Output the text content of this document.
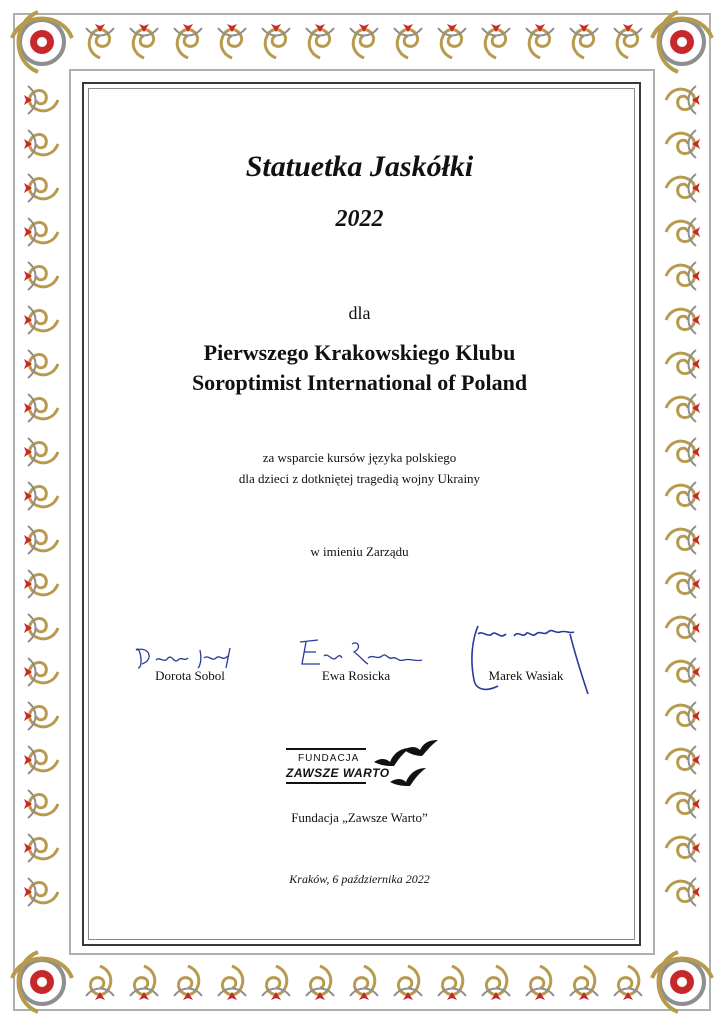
Statuetka Jaskółki
2022
dla
Pierwszego Krakowskiego Klubu
Soroptimist International of Poland
za wsparcie kursów języka polskiego
dla dzieci z dotkniętej tragedią wojny Ukrainy
w imieniu Zarządu
Dorota Sobol	Ewa Rosicka	Marek Wasiak
FUNDACJA
ZAWSZE WARTO
Fundacja „Zawsze Warto”
Kraków, 6 października 2022
